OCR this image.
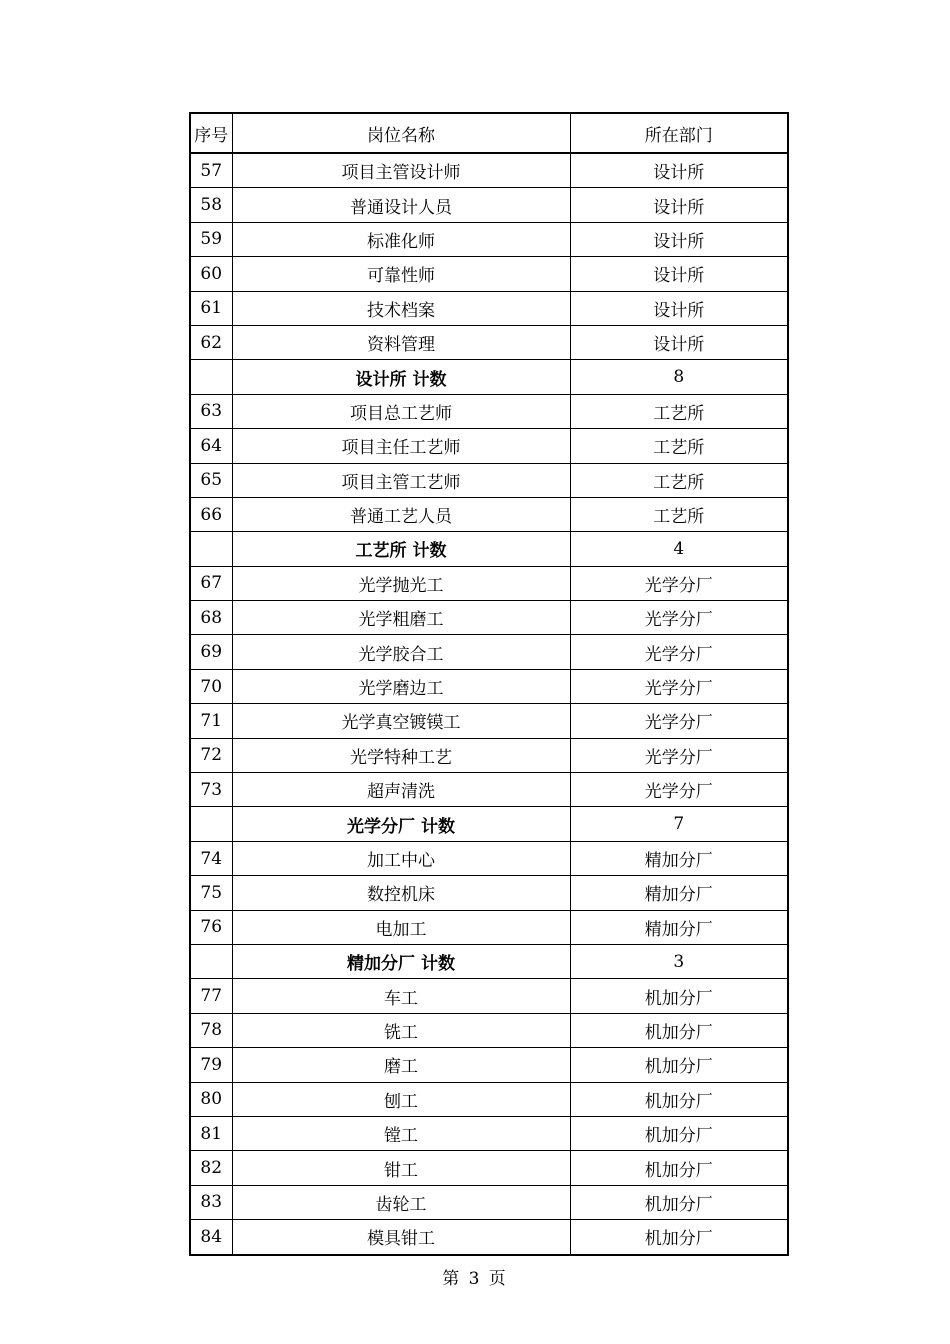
序号	岗位名称	所在部门
57	项目主管设计师	设计所
58	普通设计人员	设计所
59	标准化师	设计所
60	可靠性师	设计所
61	技术档案	设计所
62	资料管理	设计所
	设计所 计数	8
63	项目总工艺师	工艺所
64	项目主任工艺师	工艺所
65	项目主管工艺师	工艺所
66	普通工艺人员	工艺所
	工艺所 计数	4
67	光学抛光工	光学分厂
68	光学粗磨工	光学分厂
69	光学胶合工	光学分厂
70	光学磨边工	光学分厂
71	光学真空镀镆工	光学分厂
72	光学特种工艺	光学分厂
73	超声清洗	光学分厂
	光学分厂 计数	7
74	加工中心	精加分厂
75	数控机床	精加分厂
76	电加工	精加分厂
	精加分厂 计数	3
77	车工	机加分厂
78	铣工	机加分厂
79	磨工	机加分厂
80	刨工	机加分厂
81	镗工	机加分厂
82	钳工	机加分厂
83	齿轮工	机加分厂
84	模具钳工	机加分厂
第 3 页
